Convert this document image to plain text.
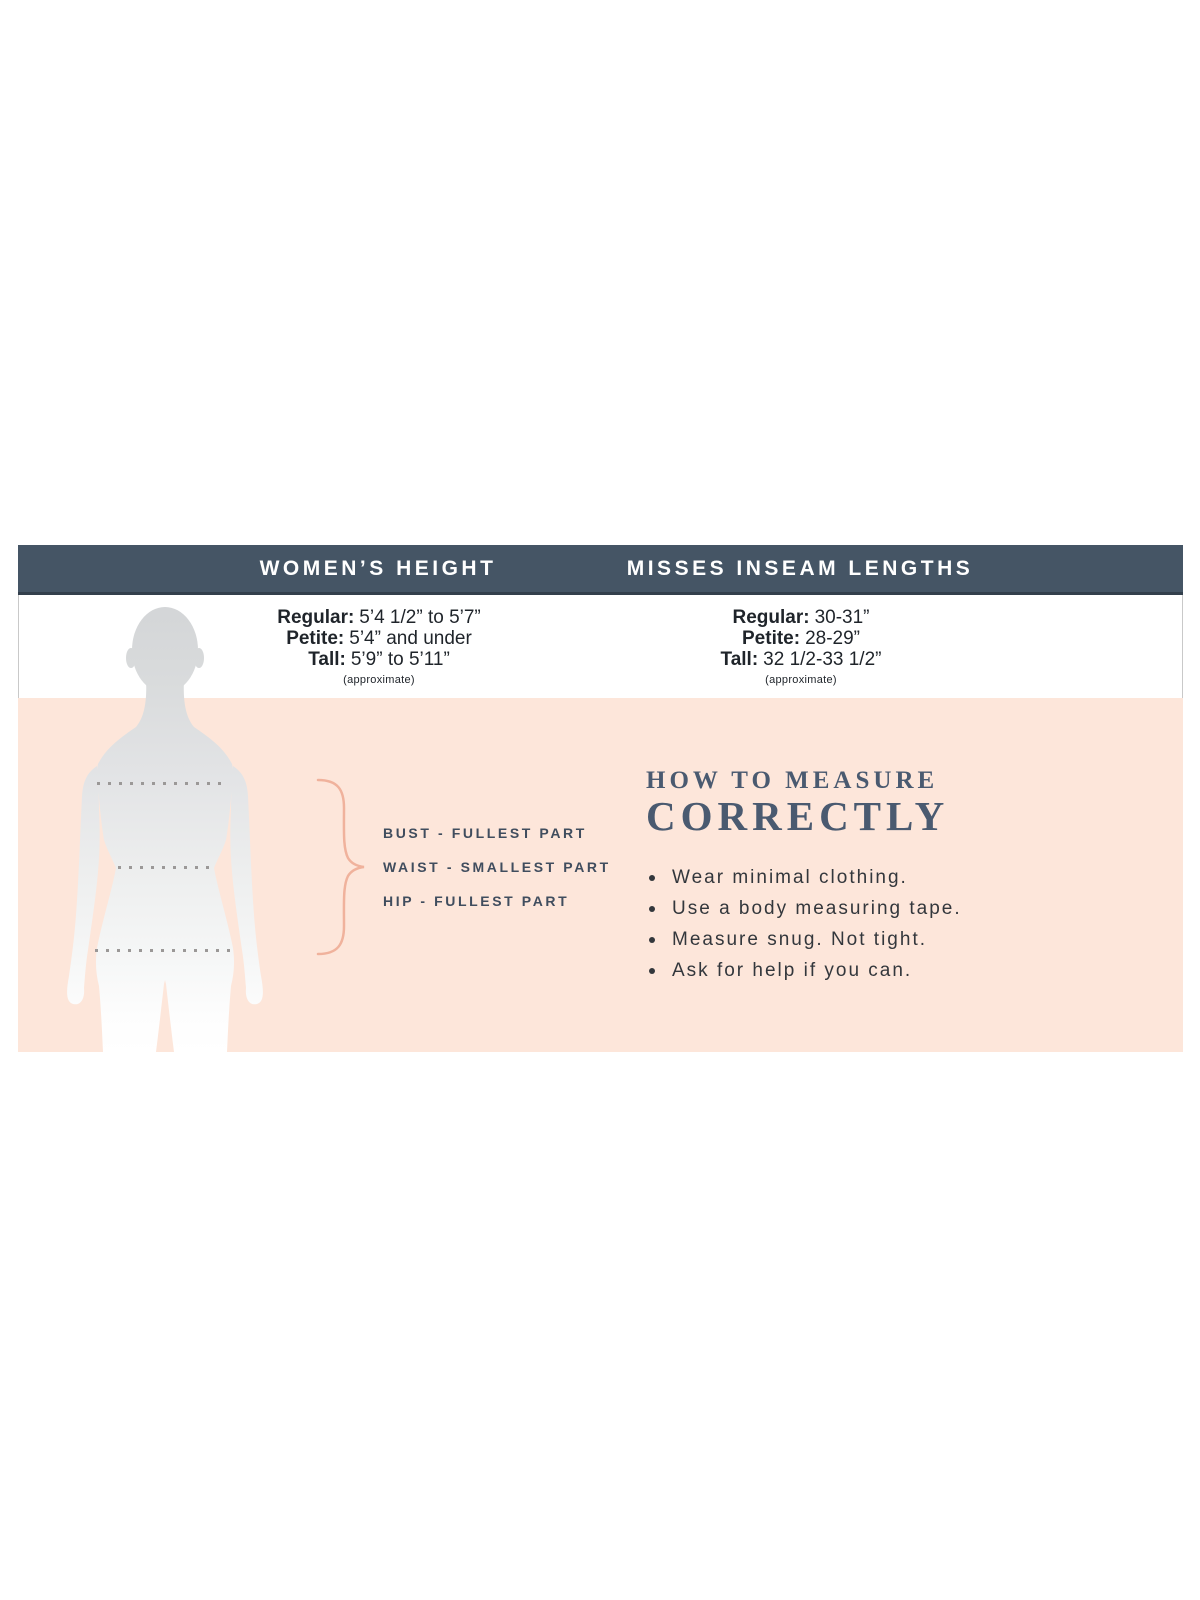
WOMEN’S HEIGHT	MISSES INSEAM LENGTHS
Regular: 5’4 1/2” to 5’7”
Petite: 5’4” and under
Tall: 5’9” to 5’11”
(approximate)
Regular: 30-31”
Petite: 28-29”
Tall: 32 1/2-33 1/2”
(approximate)
BUST - FULLEST PART
WAIST - SMALLEST PART
HIP - FULLEST PART
HOW TO MEASURE
CORRECTLY
Wear minimal clothing.
Use a body measuring tape.
Measure snug. Not tight.
Ask for help if you can.
